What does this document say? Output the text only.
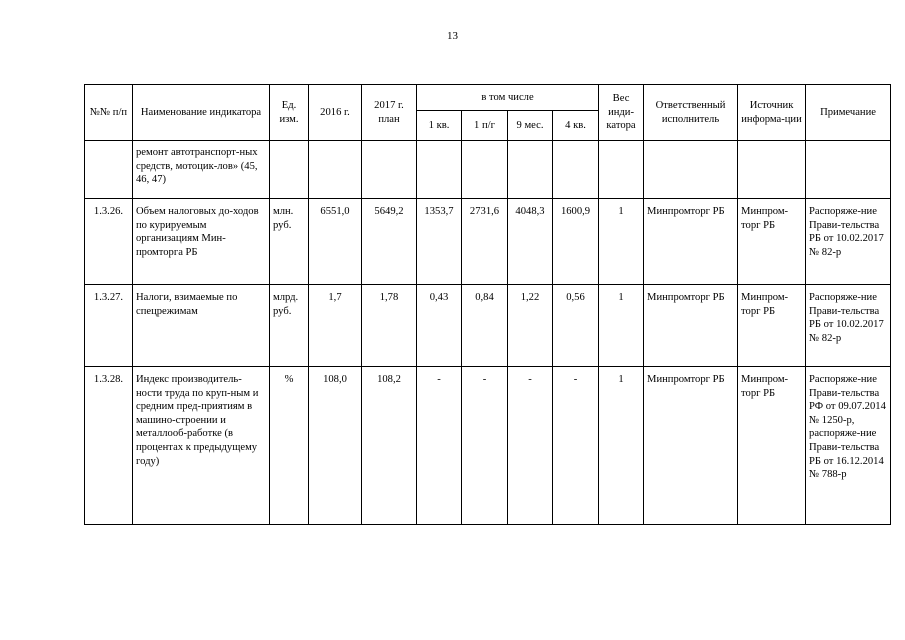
13
№№ п/п	Наименование индикатора	Ед. изм.	2016 г.	2017 г. план	в том числе				Вес инди-катора	Ответственный исполнитель	Источник информа-ции	Примечание
					1 кв.	1 п/г	9 мес.	4 кв.				
	ремонт автотранспорт-ных средств, мотоцик-лов» (45, 46, 47)											
1.3.26.	Объем налоговых до-ходов по курируемым организациям Мин-промторга РБ	млн. руб.	6551,0	5649,2	1353,7	2731,6	4048,3	1600,9	1	Минпромторг РБ	Минпром-торг РБ	Распоряже-ние Прави-тельства РБ от 10.02.2017 № 82-р
1.3.27.	Налоги, взимаемые по спецрежимам	млрд. руб.	1,7	1,78	0,43	0,84	1,22	0,56	1	Минпромторг РБ	Минпром-торг РБ	Распоряже-ние Прави-тельства РБ от 10.02.2017 № 82-р
1.3.28.	Индекс производитель-ности труда по круп-ным и средним пред-приятиям в машино-строении и металлооб-работке (в процентах к предыдущему году)	%	108,0	108,2	-	-	-	-	1	Минпромторг РБ	Минпром-торг РБ	Распоряже-ние Прави-тельства РФ от 09.07.2014 № 1250-р, распоряже-ние Прави-тельства РБ от 16.12.2014 № 788-р
